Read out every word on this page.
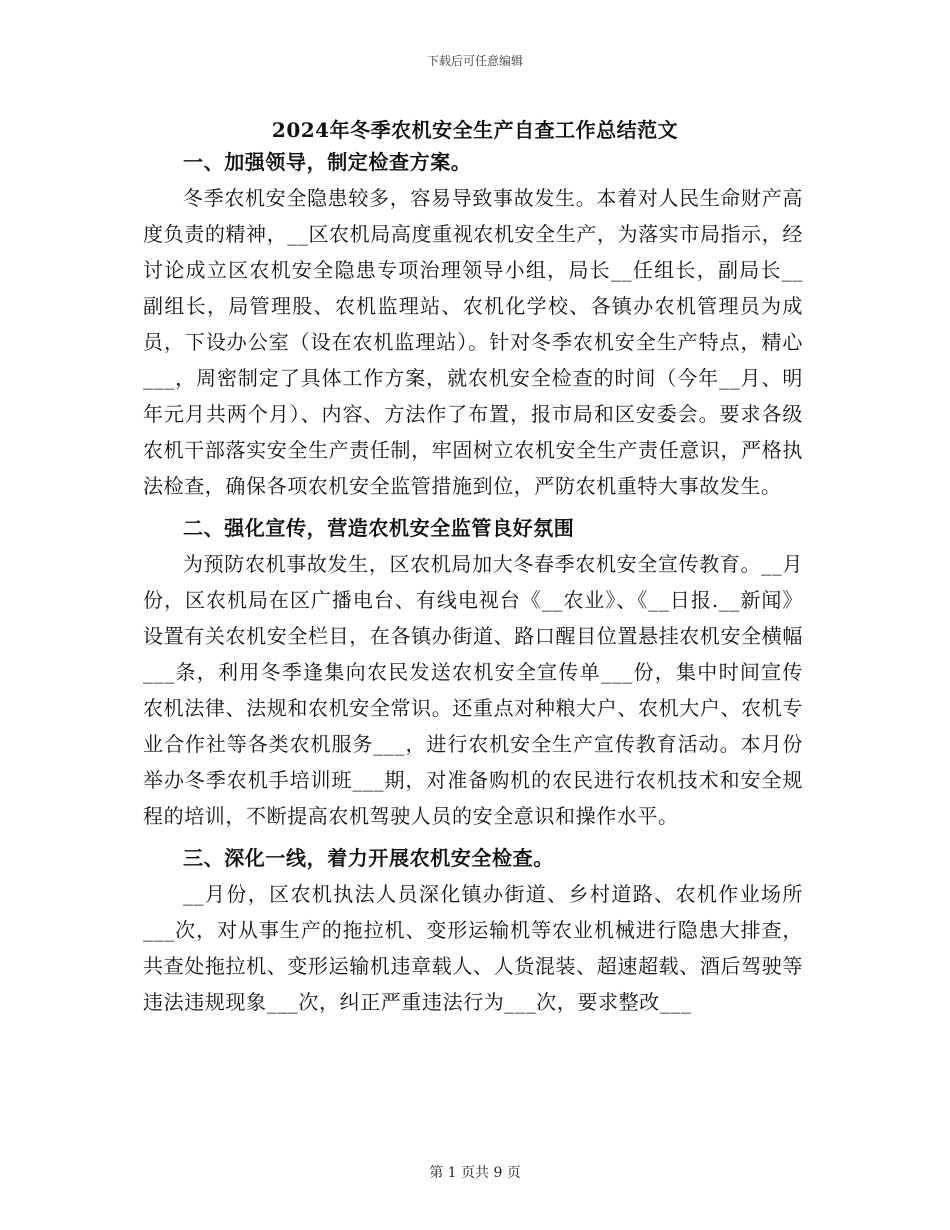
下载后可任意编辑
2024年冬季农机安全生产自查工作总结范文
一、加强领导，制定检查方案。

冬季农机安全隐患较多，容易导致事故发生。本着对人民生命财产高度负责的精神，__区农机局高度重视农机安全生产，为落实市局指示，经讨论成立区农机安全隐患专项治理领导小组，局长__任组长，副局长__副组长，局管理股、农机监理站、农机化学校、各镇办农机管理员为成员，下设办公室（设在农机监理站）。针对冬季农机安全生产特点，精心___，周密制定了具体工作方案，就农机安全检查的时间（今年__月、明年元月共两个月）、内容、方法作了布置，报市局和区安委会。要求各级农机干部落实安全生产责任制，牢固树立农机安全生产责任意识，严格执法检查，确保各项农机安全监管措施到位，严防农机重特大事故发生。

二、强化宣传，营造农机安全监管良好氛围

为预防农机事故发生，区农机局加大冬春季农机安全宣传教育。__月份，区农机局在区广播电台、有线电视台《__农业》、《__日报.__新闻》设置有关农机安全栏目，在各镇办街道、路口醒目位置悬挂农机安全横幅___条，利用冬季逢集向农民发送农机安全宣传单___份，集中时间宣传农机法律、法规和农机安全常识。还重点对种粮大户、农机大户、农机专业合作社等各类农机服务___，进行农机安全生产宣传教育活动。本月份举办冬季农机手培训班___期，对准备购机的农民进行农机技术和安全规程的培训，不断提高农机驾驶人员的安全意识和操作水平。

三、深化一线，着力开展农机安全检查。

__月份，区农机执法人员深化镇办街道、乡村道路、农机作业场所___次，对从事生产的拖拉机、变形运输机等农业机械进行隐患大排查，共查处拖拉机、变形运输机违章载人、人货混装、超速超载、酒后驾驶等违法违规现象___次，纠正严重违法行为___次，要求整改___

第 1 页共 9 页
